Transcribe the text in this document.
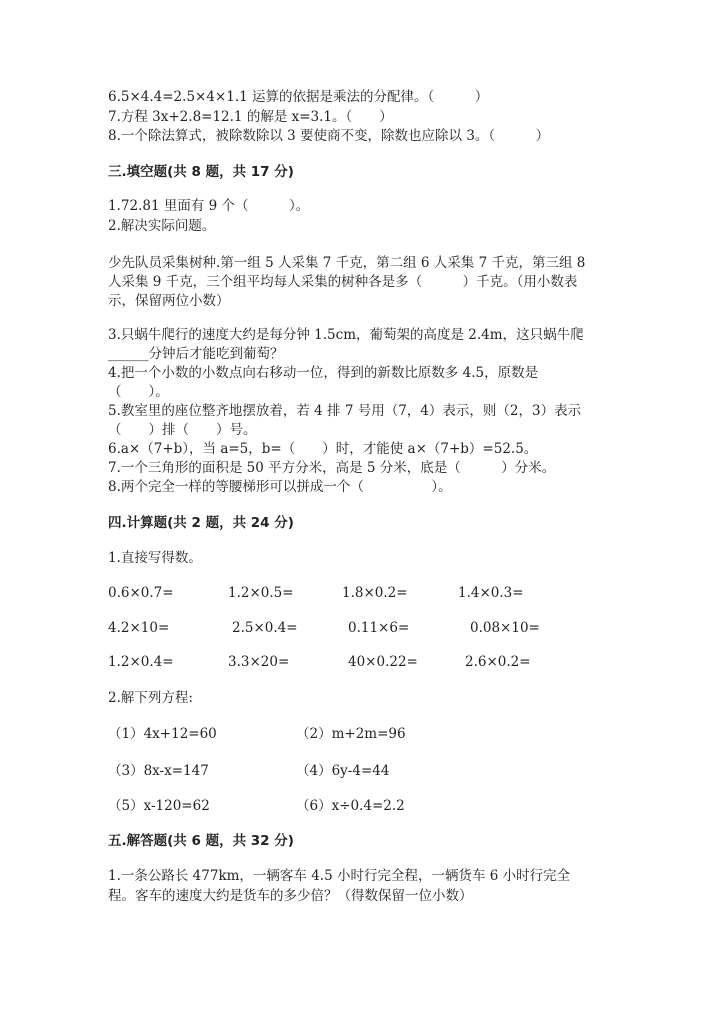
6.5×4.4=2.5×4×1.1 运算的依据是乘法的分配律。（　　　）
7.方程 3x+2.8=12.1 的解是 x=3.1。（　　）
8.一个除法算式，被除数除以 3 要使商不变，除数也应除以 3。（　　　）
三.填空题(共 8 题，共 17 分)
1.72.81 里面有 9 个（　　　）。
2.解决实际问题。
少先队员采集树种.第一组 5 人采集 7 千克，第二组 6 人采集 7 千克，第三组 8
人采集 9 千克，三个组平均每人采集的树种各是多（　　　）千克。（用小数表
示，保留两位小数）
3.只蜗牛爬行的速度大约是每分钟 1.5cm，葡萄架的高度是 2.4m，这只蜗牛爬
______分钟后才能吃到葡萄？
4.把一个小数的小数点向右移动一位，得到的新数比原数多 4.5，原数是
（　　）。
5.教室里的座位整齐地摆放着，若 4 排 7 号用（7，4）表示，则（2，3）表示
（　　）排（　　）号。
6.a×（7+b），当 a=5，b=（　　）时，才能使 a×（7+b）=52.5。
7.一个三角形的面积是 50 平方分米，高是 5 分米，底是（　　　）分米。
8.两个完全一样的等腰梯形可以拼成一个（　　　　　）。
四.计算题(共 2 题，共 24 分)
1.直接写得数。
0.6×0.7=	1.2×0.5=	1.8×0.2=	1.4×0.3=
4.2×10=	2.5×0.4=	0.11×6=	0.08×10=
1.2×0.4=	3.3×20=	40×0.22=	2.6×0.2=
2.解下列方程:
（1）4x+12=60	（2）m+2m=96
（3）8x-x=147	（4）6y-4=44
（5）x-120=62	（6）x÷0.4=2.2
五.解答题(共 6 题，共 32 分)
1.一条公路长 477km，一辆客车 4.5 小时行完全程，一辆货车 6 小时行完全
程。客车的速度大约是货车的多少倍？（得数保留一位小数）
